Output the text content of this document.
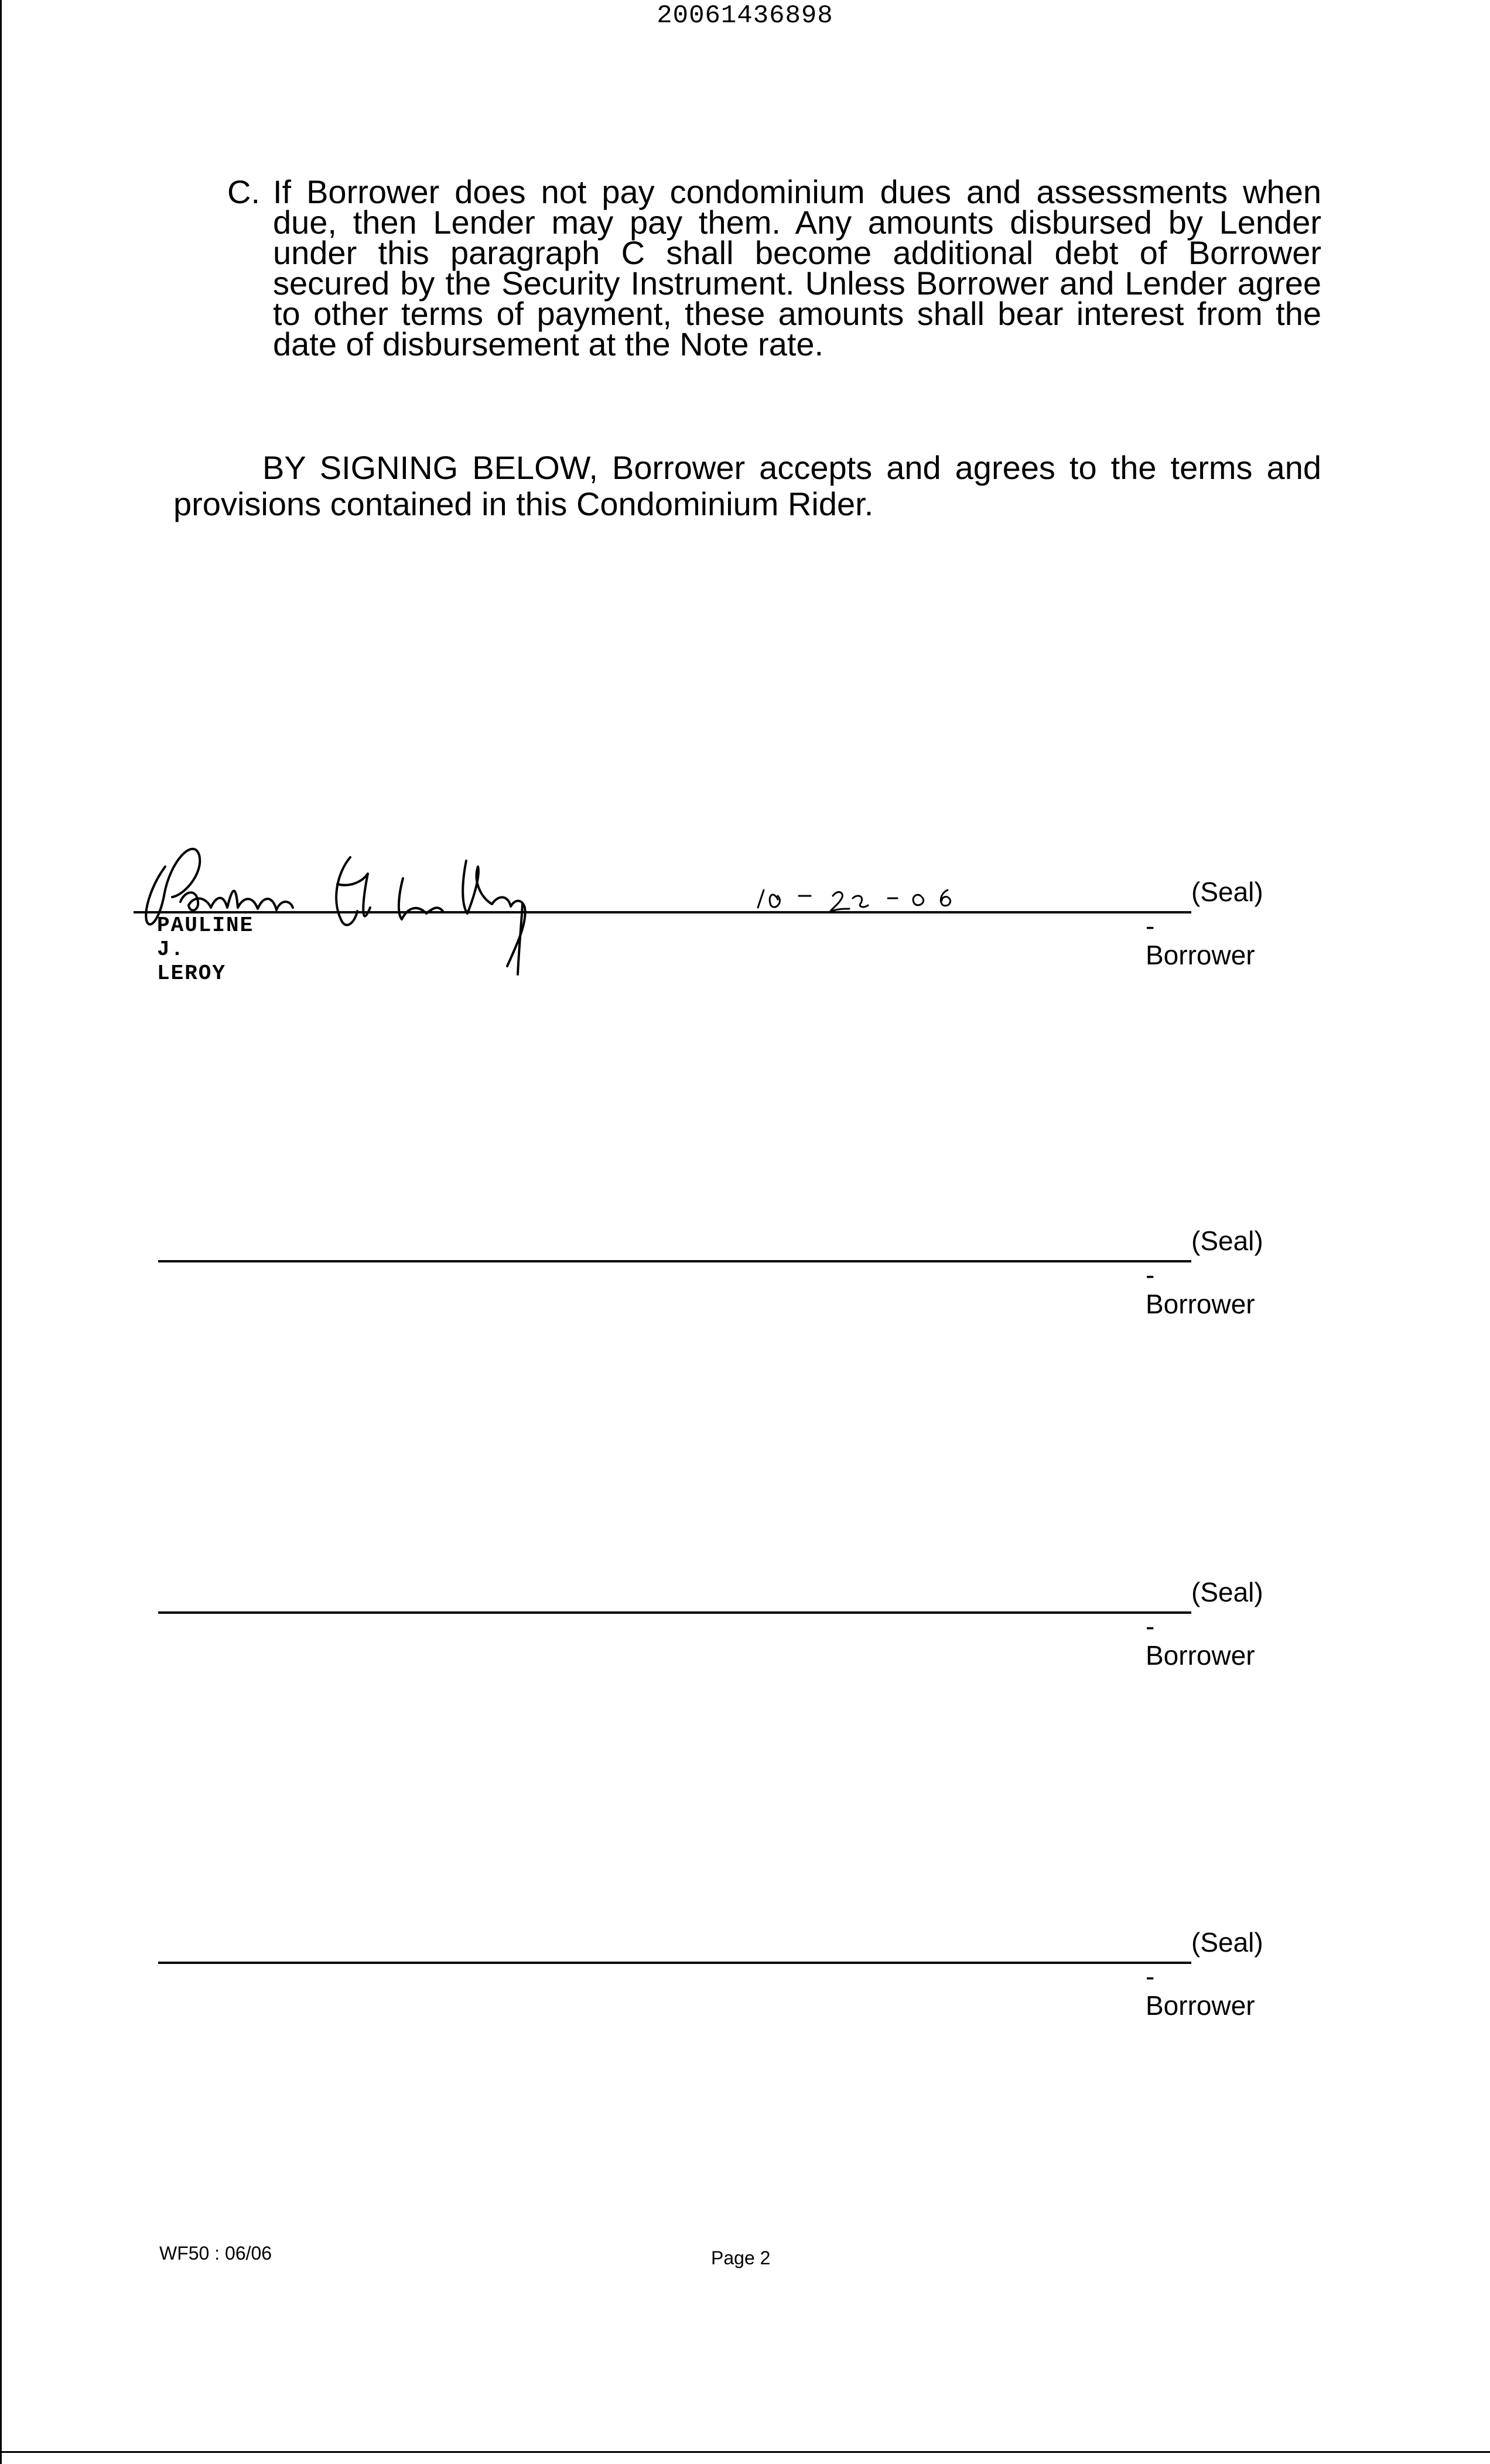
20061436898
C. If Borrower does not pay condominium dues and assessments when due, then Lender may pay them. Any amounts disbursed by Lender under this paragraph C shall become additional debt of Borrower secured by the Security Instrument. Unless Borrower and Lender agree to other terms of payment, these amounts shall bear interest from the date of disbursement at the Note rate.
BY SIGNING BELOW, Borrower accepts and agrees to the terms and provisions contained in this Condominium Rider.
PAULINE J. LEROY
(Seal)
-Borrower
(Seal)
-Borrower
(Seal)
-Borrower
(Seal)
-Borrower
WF50 : 06/06	Page 2
